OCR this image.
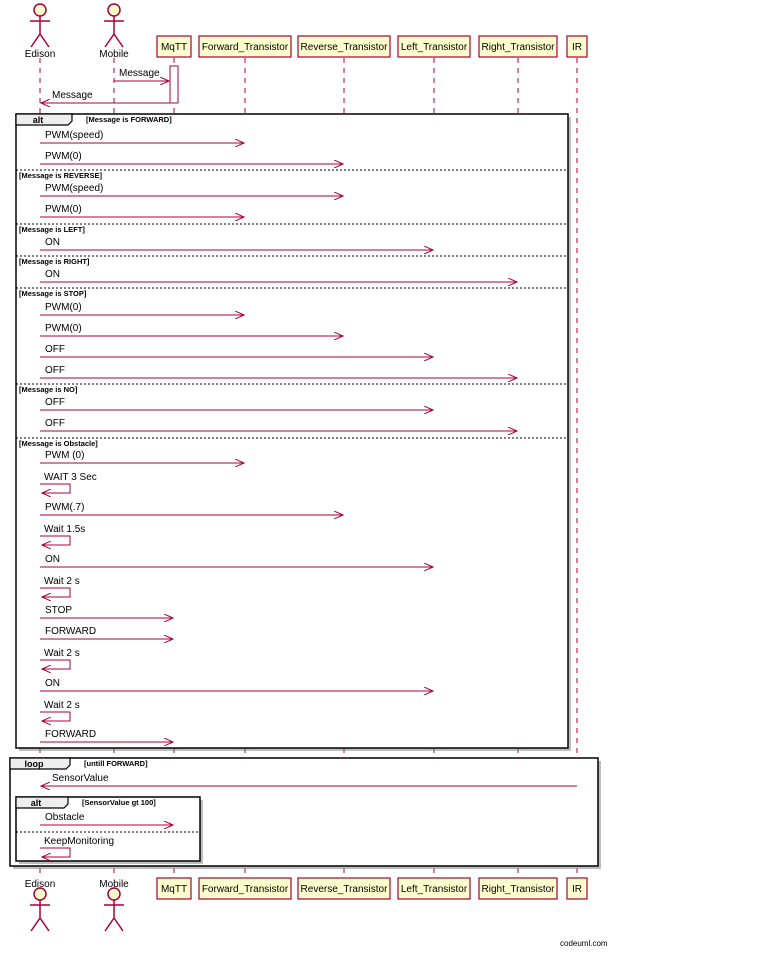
alt	[Message is FORWARD]
[Message is REVERSE]
[Message is LEFT]
[Message is RIGHT]
[Message is STOP]
[Message is NO]
[Message is Obstacle]
loop	[untill FORWARD]
alt	[SensorValue gt 100]
Message
Message
PWM(speed)
PWM(0)
PWM(speed)
PWM(0)
ON
ON
PWM(0)
PWM(0)
OFF
OFF
OFF
OFF
PWM (0)
WAIT 3 Sec
PWM(.7)
Wait 1.5s
ON
Wait 2 s
STOP
FORWARD
Wait 2 s
ON
Wait 2 s
FORWARD
SensorValue
Obstacle
KeepMonitoring
Edison	Mobile
MqTT Forward_Transistor Reverse_Transistor Left_Transistor Right_Transistor IR
Edison	Mobile	MqTT Forward_Transistor Reverse_Transistor Left_Transistor Right_Transistor IR
codeuml.com
